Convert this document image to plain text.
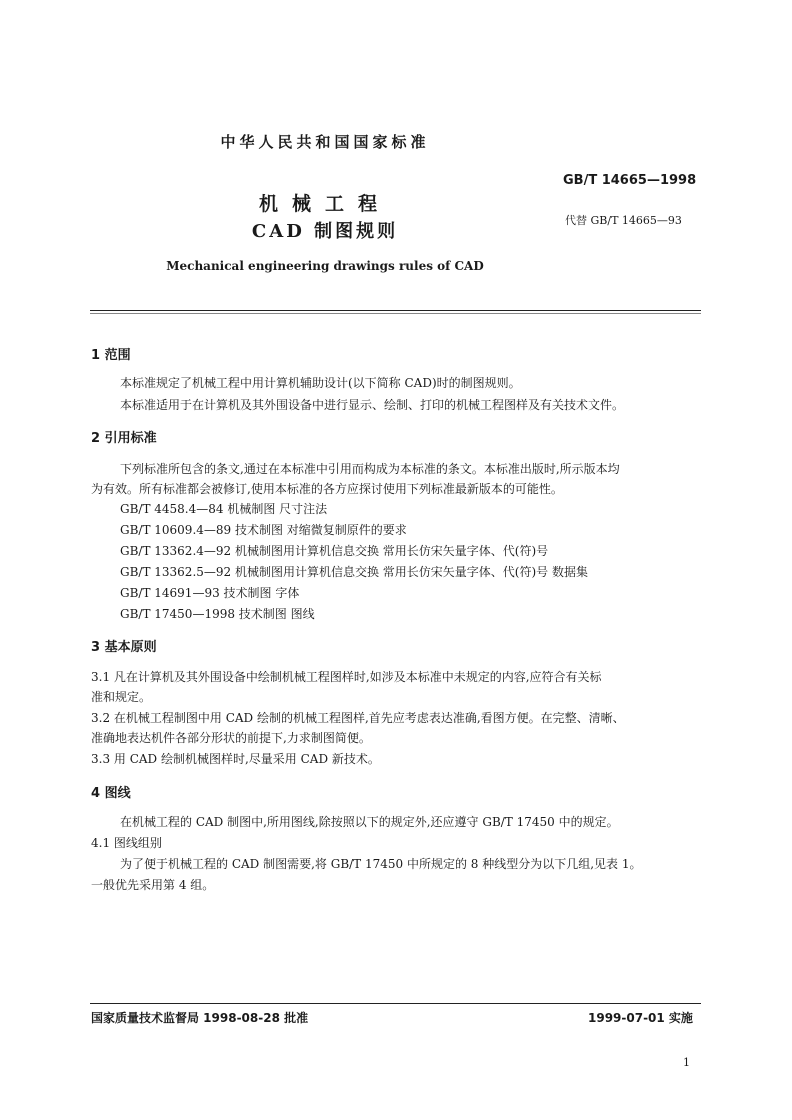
中华人民共和国国家标准
GB/T 14665—1998
机械工程
CAD 制图规则
代替 GB/T 14665—93
Mechanical engineering drawings rules of CAD
1 范围
本标准规定了机械工程中用计算机辅助设计(以下简称 CAD)时的制图规则。
本标准适用于在计算机及其外围设备中进行显示、绘制、打印的机械工程图样及有关技术文件。
2 引用标准
下列标准所包含的条文,通过在本标准中引用而构成为本标准的条文。本标准出版时,所示版本均
为有效。所有标准都会被修订,使用本标准的各方应探讨使用下列标准最新版本的可能性。
GB/T 4458.4—84 机械制图 尺寸注法
GB/T 10609.4—89 技术制图 对缩微复制原件的要求
GB/T 13362.4—92 机械制图用计算机信息交换 常用长仿宋矢量字体、代(符)号
GB/T 13362.5—92 机械制图用计算机信息交换 常用长仿宋矢量字体、代(符)号 数据集
GB/T 14691—93 技术制图 字体
GB/T 17450—1998 技术制图 图线
3 基本原则
3.1 凡在计算机及其外围设备中绘制机械工程图样时,如涉及本标准中未规定的内容,应符合有关标
准和规定。
3.2 在机械工程制图中用 CAD 绘制的机械工程图样,首先应考虑表达准确,看图方便。在完整、清晰、
准确地表达机件各部分形状的前提下,力求制图简便。
3.3 用 CAD 绘制机械图样时,尽量采用 CAD 新技术。
4 图线
在机械工程的 CAD 制图中,所用图线,除按照以下的规定外,还应遵守 GB/T 17450 中的规定。
4.1 图线组别
为了便于机械工程的 CAD 制图需要,将 GB/T 17450 中所规定的 8 种线型分为以下几组,见表 1。
一般优先采用第 4 组。
国家质量技术监督局 1998-08-28 批准	1999-07-01 实施
1
